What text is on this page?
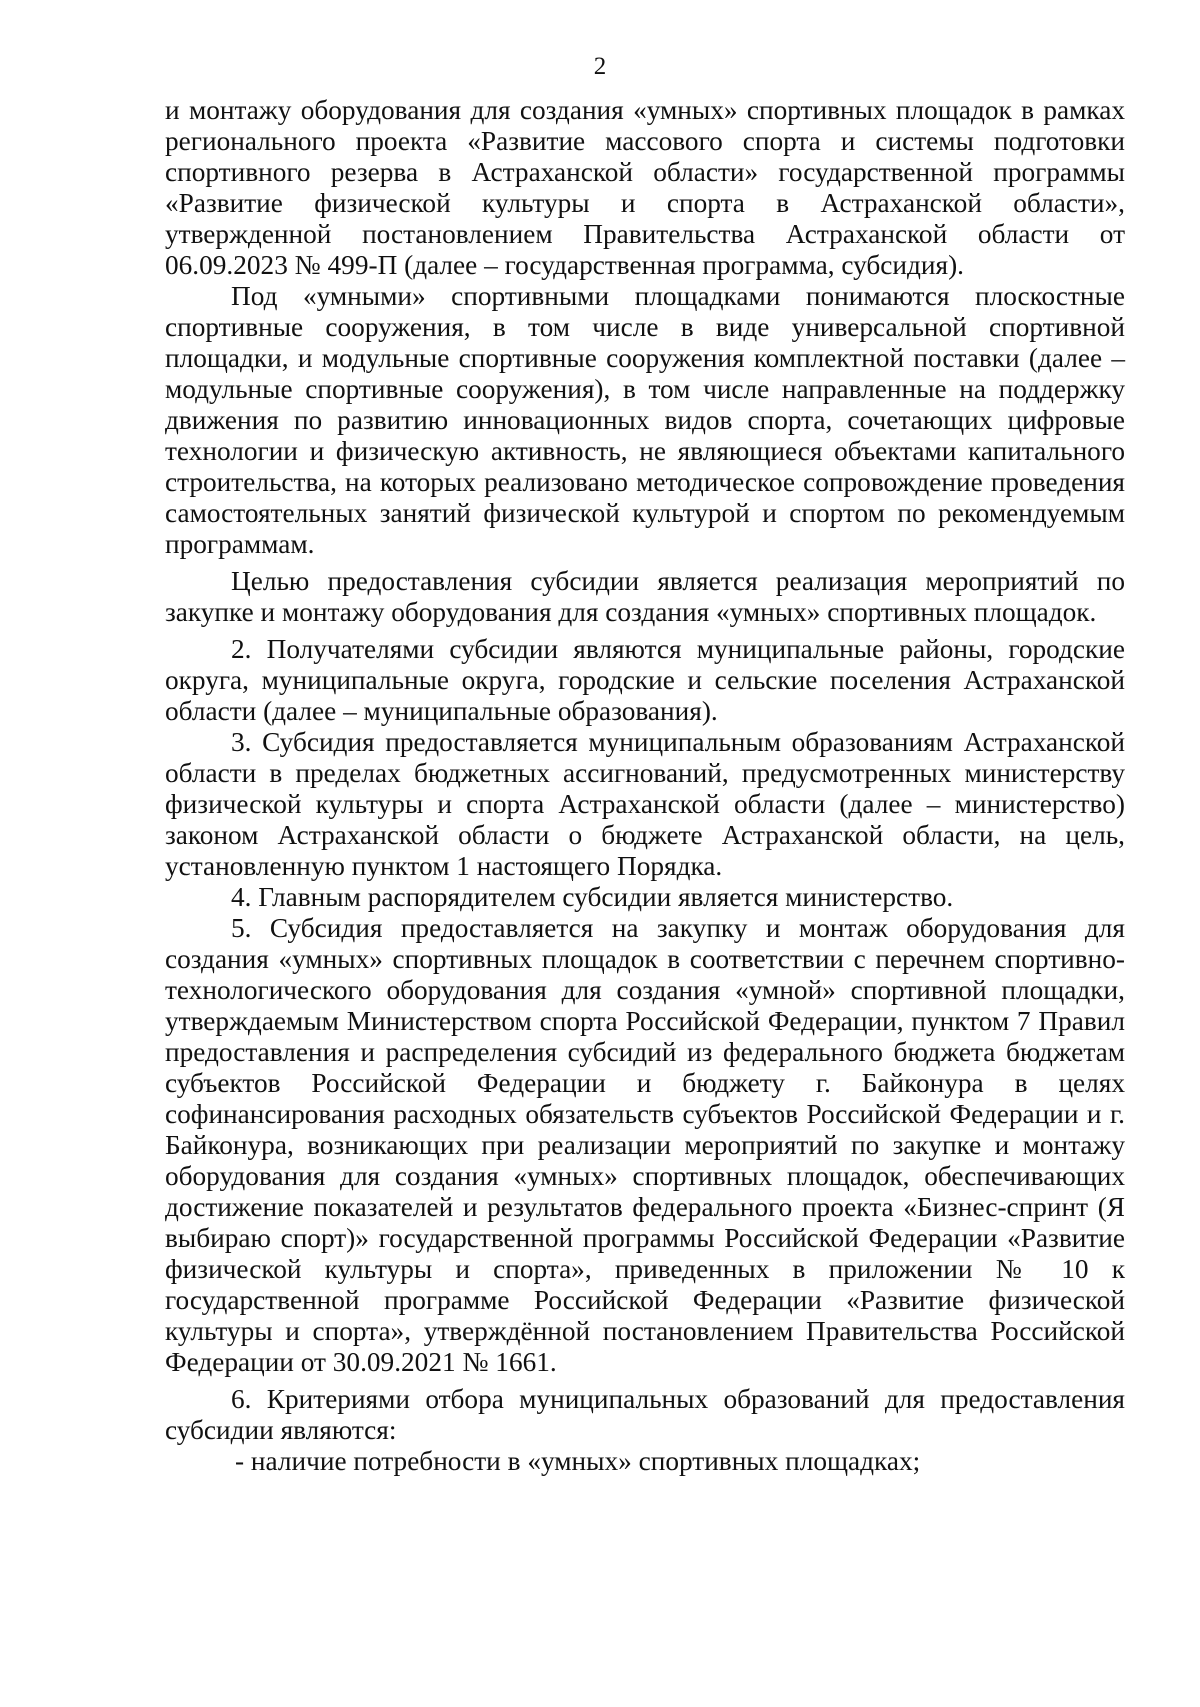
2

и монтажу оборудования для создания «умных» спортивных площадок в рамках регионального проекта «Развитие массового спорта и системы подготовки спортивного резерва в Астраханской области» государственной программы «Развитие физической культуры и спорта в Астраханской области», утвержденной постановлением Правительства Астраханской области от 06.09.2023 № 499-П (далее – государственная программа, субсидия).

Под «умными» спортивными площадками понимаются плоскостные спортивные сооружения, в том числе в виде универсальной спортивной площадки, и модульные спортивные сооружения комплектной поставки (далее – модульные спортивные сооружения), в том числе направленные на поддержку движения по развитию инновационных видов спорта, сочетающих цифровые технологии и физическую активность, не являющиеся объектами капитального строительства, на которых реализовано методическое сопровождение проведения самостоятельных занятий физической культурой и спортом по рекомендуемым программам.

Целью предоставления субсидии является реализация мероприятий по закупке и монтажу оборудования для создания «умных» спортивных площадок.

2. Получателями субсидии являются муниципальные районы, городские округа, муниципальные округа, городские и сельские поселения Астраханской области (далее – муниципальные образования).

3. Субсидия предоставляется муниципальным образованиям Астраханской области в пределах бюджетных ассигнований, предусмотренных министерству физической культуры и спорта Астраханской области (далее – министерство) законом Астраханской области о бюджете Астраханской области, на цель, установленную пунктом 1 настоящего Порядка.

4. Главным распорядителем субсидии является министерство.

5. Субсидия предоставляется на закупку и монтаж оборудования для создания «умных» спортивных площадок в соответствии с перечнем спортивно-технологического оборудования для создания «умной» спортивной площадки, утверждаемым Министерством спорта Российской Федерации, пунктом 7 Правил предоставления и распределения субсидий из федерального бюджета бюджетам субъектов Российской Федерации и бюджету г. Байконура в целях софинансирования расходных обязательств субъектов Российской Федерации и г. Байконура, возникающих при реализации мероприятий по закупке и монтажу оборудования для создания «умных» спортивных площадок, обеспечивающих достижение показателей и результатов федерального проекта «Бизнес-спринт (Я выбираю спорт)» государственной программы Российской Федерации «Развитие физической культуры и спорта», приведенных в приложении № 10 к государственной программе Российской Федерации «Развитие физической культуры и спорта», утверждённой постановлением Правительства Российской Федерации от 30.09.2021 № 1661.

6. Критериями отбора муниципальных образований для предоставления субсидии являются:

- наличие потребности в «умных» спортивных площадках;
